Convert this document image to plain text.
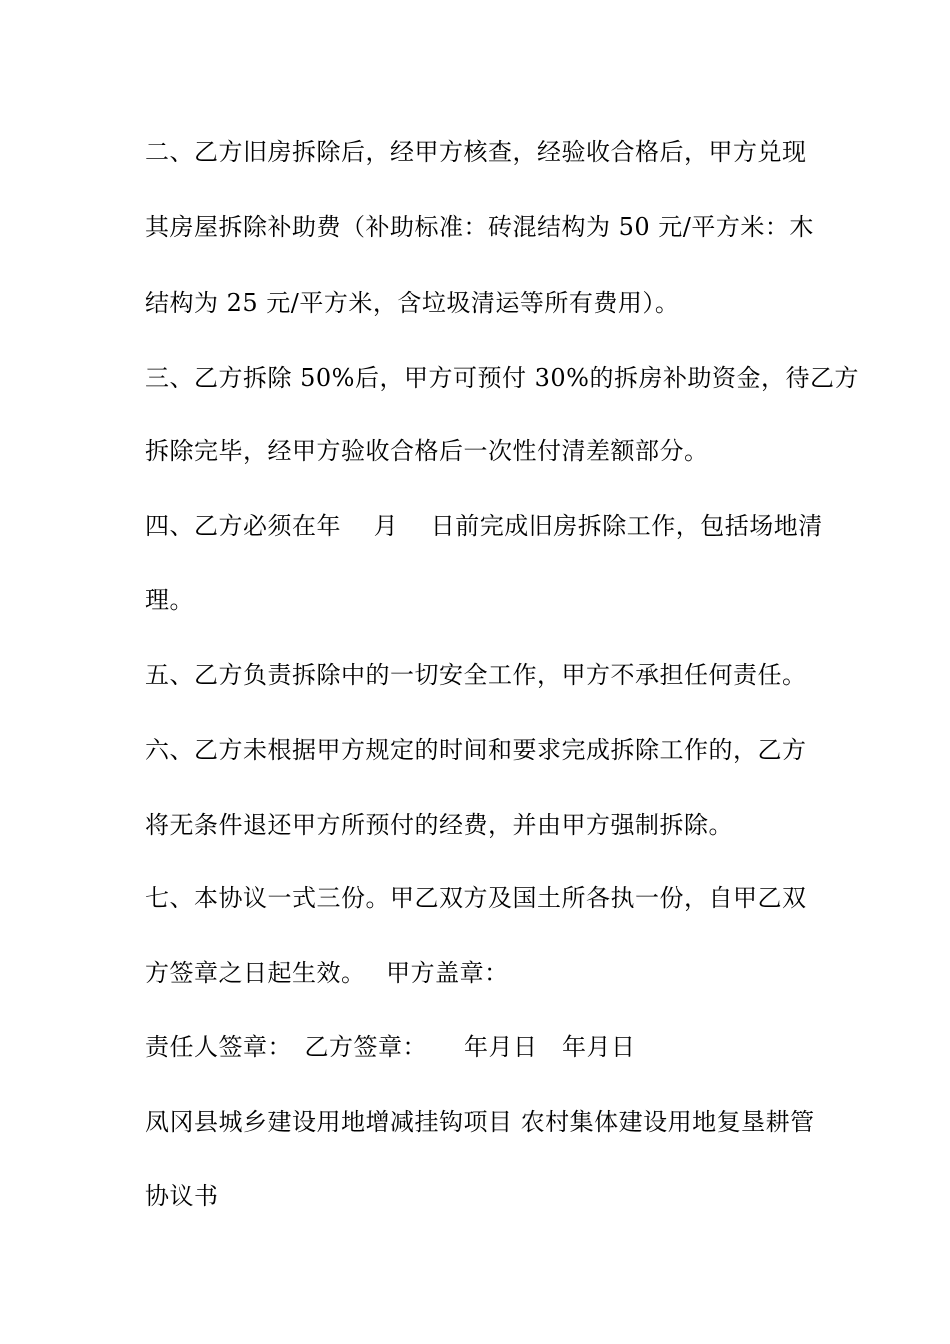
二、乙方旧房拆除后，经甲方核查，经验收合格后，甲方兑现
其房屋拆除补助费（补助标准：砖混结构为 50 元/平方米：木
结构为 25 元/平方米，含垃圾清运等所有费用）。
三、乙方拆除 50%后，甲方可预付 30%的拆房补助资金，待乙方
拆除完毕，经甲方验收合格后一次性付清差额部分。
四、乙方必须在年　 月　 日前完成旧房拆除工作，包括场地清
理。
五、乙方负责拆除中的一切安全工作，甲方不承担任何责任。
六、乙方未根据甲方规定的时间和要求完成拆除工作的，乙方
将无条件退还甲方所预付的经费，并由甲方强制拆除。
七、本协议一式三份。甲乙双方及国土所各执一份，自甲乙双
方签章之日起生效。　 甲方盖章：
责任人签章：　乙方签章：　　年月日　年月日
凤冈县城乡建设用地增减挂钩项目 农村集体建设用地复垦耕管
协议书
